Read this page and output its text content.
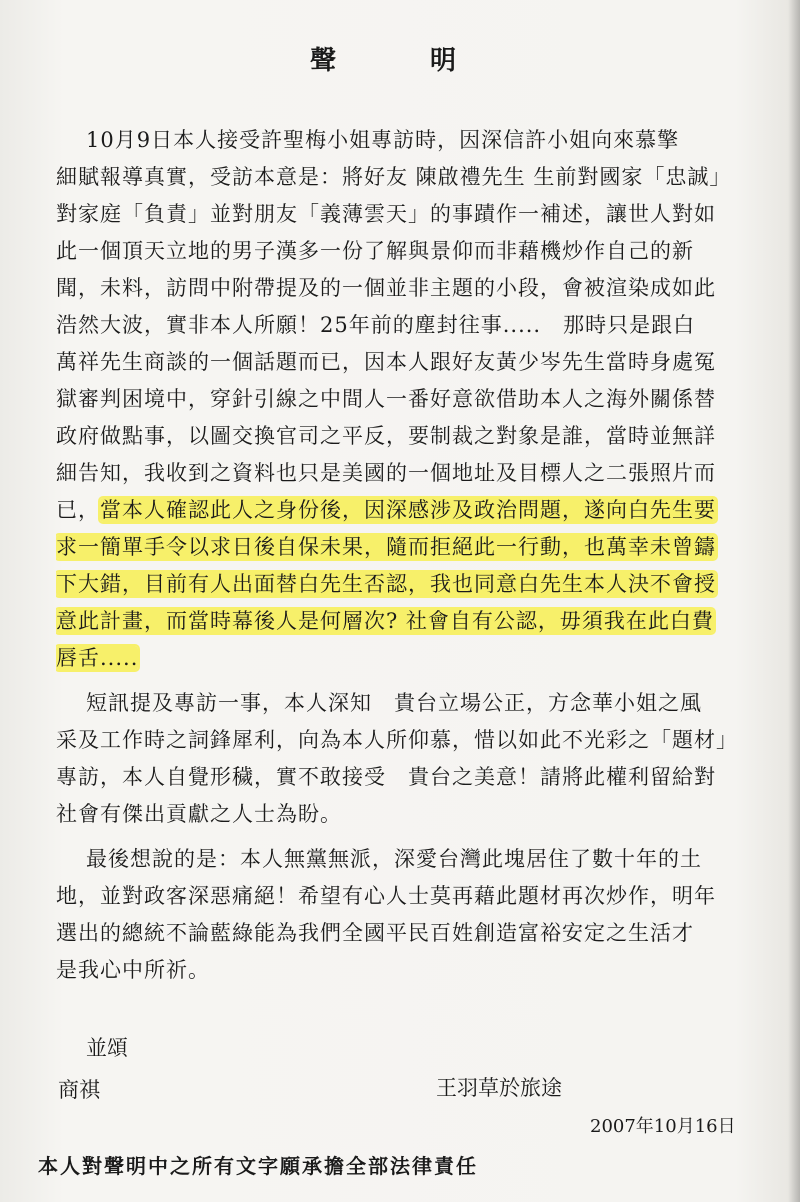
聲　明
10月9日本人接受許聖梅小姐專訪時，因深信許小姐向來慕擎
細賦報導真實，受訪本意是：將好友 陳啟禮先生 生前對國家「忠誠」
對家庭「負責」並對朋友「義薄雲天」的事蹟作一補述，讓世人對如
此一個頂天立地的男子漢多一份了解與景仰而非藉機炒作自己的新
聞，未料，訪問中附帶提及的一個並非主題的小段，會被渲染成如此
浩然大波，實非本人所願！25年前的塵封往事.....　那時只是跟白
萬祥先生商談的一個話題而已，因本人跟好友黃少岑先生當時身處冤
獄審判困境中，穿針引線之中間人一番好意欲借助本人之海外關係替
政府做點事，以圖交換官司之平反，要制裁之對象是誰，當時並無詳
細告知，我收到之資料也只是美國的一個地址及目標人之二張照片而
已，當本人確認此人之身份後，因深感涉及政治問題，遂向白先生要
求一簡單手令以求日後自保未果，隨而拒絕此一行動，也萬幸未曾鑄
下大錯，目前有人出面替白先生否認，我也同意白先生本人決不會授
意此計畫，而當時幕後人是何層次? 社會自有公認，毋須我在此白費
唇舌.....
短訊提及專訪一事，本人深知　貴台立場公正，方念華小姐之風
采及工作時之詞鋒犀利，向為本人所仰慕，惜以如此不光彩之「題材」
專訪，本人自覺形穢，實不敢接受　貴台之美意！請將此權利留給對
社會有傑出貢獻之人士為盼。
最後想說的是：本人無黨無派，深愛台灣此塊居住了數十年的土
地，並對政客深惡痛絕！希望有心人士莫再藉此題材再次炒作，明年
選出的總統不論藍綠能為我們全國平民百姓創造富裕安定之生活才
是我心中所祈。
並頌
商祺	王羽草於旅途
2007年10月16日
本人對聲明中之所有文字願承擔全部法律責任
